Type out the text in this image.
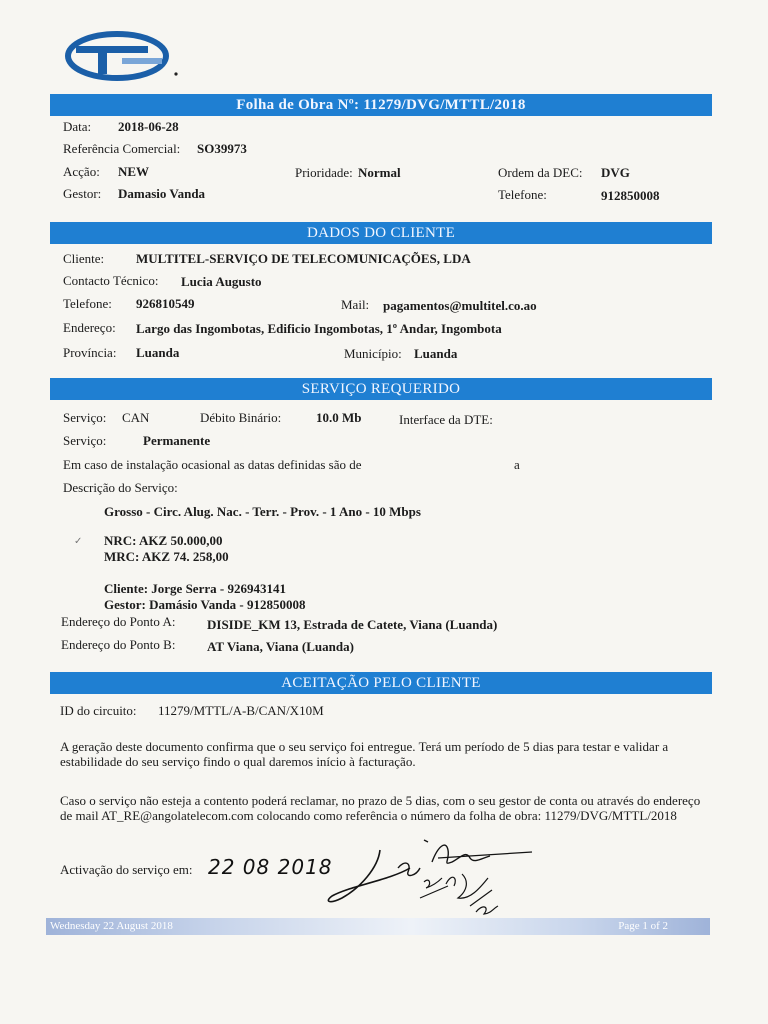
Folha de Obra Nº: 11279/DVG/MTTL/2018
Data: 2018-06-28
Referência Comercial: SO39973
Acção: NEW	Prioridade: Normal	Ordem da DEC: DVG
Gestor: Damasio Vanda	Telefone:	912850008
DADOS DO CLIENTE
Cliente: MULTITEL-SERVIÇO DE TELECOMUNICAÇÕES, LDA
Contacto Técnico: Lucia Augusto
Telefone: 926810549	Mail: pagamentos@multitel.co.ao
Endereço: Largo das Ingombotas, Edificio Ingombotas, 1º Andar, Ingombota
Província: Luanda	Município: Luanda
SERVIÇO REQUERIDO
Serviço: CAN	Débito Binário:	10.0 Mb	Interface da DTE:
Serviço:	Permanente
Em caso de instalação ocasional as datas definidas são de	a
Descrição do Serviço:
Grosso - Circ. Alug. Nac. - Terr. - Prov. - 1 Ano - 10 Mbps
✓ NRC: AKZ 50.000,00
MRC: AKZ 74. 258,00
Cliente: Jorge Serra - 926943141
Gestor: Damásio Vanda - 912850008
Endereço do Ponto A: DISIDE_KM 13, Estrada de Catete, Viana (Luanda)
Endereço do Ponto B: AT Viana, Viana (Luanda)
ACEITAÇÃO PELO CLIENTE
ID do circuito: 11279/MTTL/A-B/CAN/X10M
A geração deste documento confirma que o seu serviço foi entregue. Terá um período de 5 dias para testar e validar a estabilidade do seu serviço findo o qual daremos início à facturação.
Caso o serviço não esteja a contento poderá reclamar, no prazo de 5 dias, com o seu gestor de conta ou através do endereço de mail AT_RE@angolatelecom.com colocando como referência o número da folha de obra: 11279/DVG/MTTL/2018
Activação do serviço em: 22 08 2018
Wednesday 22 August 2018	Page 1 of 2
